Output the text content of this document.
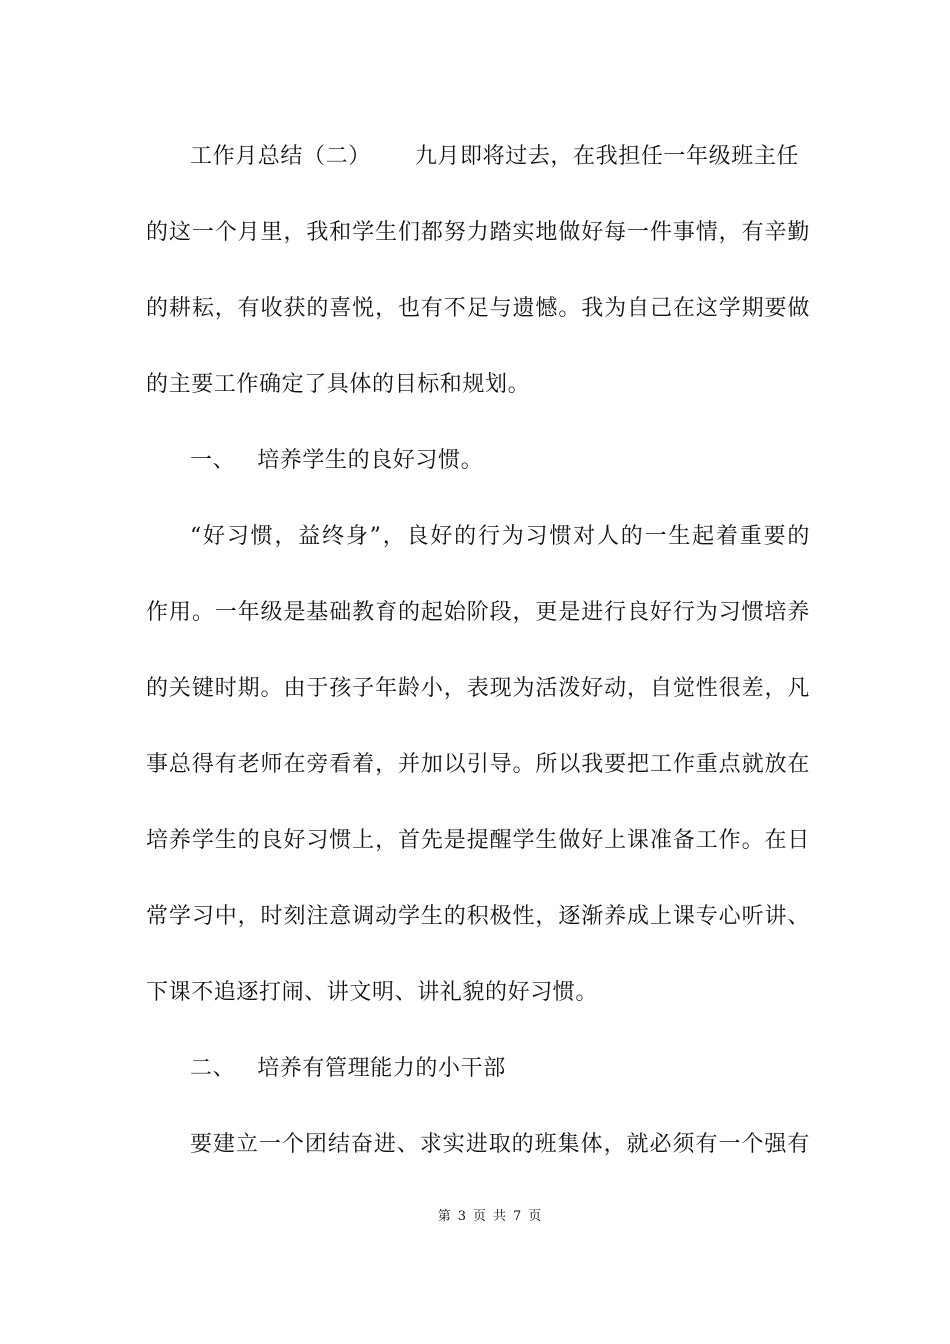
工作月总结（二） 九月即将过去，在我担任一年级班主任
的这一个月里，我和学生们都努力踏实地做好每一件事情，有辛勤
的耕耘，有收获的喜悦，也有不足与遗憾。我为自己在这学期要做
的主要工作确定了具体的目标和规划。
一、 培养学生的良好习惯。
“好习惯，益终身”，良好的行为习惯对人的一生起着重要的
作用。一年级是基础教育的起始阶段，更是进行良好行为习惯培养
的关键时期。由于孩子年龄小，表现为活泼好动，自觉性很差，凡
事总得有老师在旁看着，并加以引导。所以我要把工作重点就放在
培养学生的良好习惯上，首先是提醒学生做好上课准备工作。在日
常学习中，时刻注意调动学生的积极性，逐渐养成上课专心听讲、
下课不追逐打闹、讲文明、讲礼貌的好习惯。
二、 培养有管理能力的小干部
要建立一个团结奋进、求实进取的班集体，就必须有一个强有
第 3 页 共 7 页
